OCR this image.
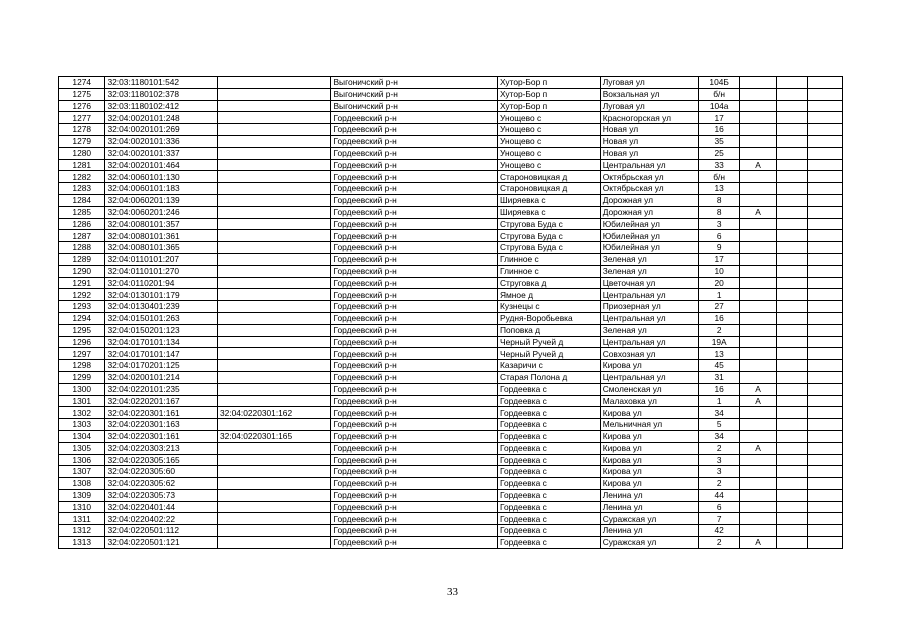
1274	32:03:1180101:542		Выгоничский р-н	Хутор-Бор п	Луговая ул	104Б			
1275	32:03:1180102:378		Выгоничский р-н	Хутор-Бор п	Вокзальная ул	б/н			
1276	32:03:1180102:412		Выгоничский р-н	Хутор-Бор п	Луговая ул	104а			
1277	32:04:0020101:248		Гордеевский р-н	Унощево с	Красногорская ул	17			
1278	32:04:0020101:269		Гордеевский р-н	Унощево с	Новая ул	16			
1279	32:04:0020101:336		Гордеевский р-н	Унощево с	Новая ул	35			
1280	32:04:0020101:337		Гордеевский р-н	Унощево с	Новая ул	25			
1281	32:04:0020101:464		Гордеевский р-н	Унощево с	Центральная ул	33	А		
1282	32:04:0060101:130		Гордеевский р-н	Староновицкая д	Октябрьская ул	б/н			
1283	32:04:0060101:183		Гордеевский р-н	Староновицкая д	Октябрьская ул	13			
1284	32:04:0060201:139		Гордеевский р-н	Ширяевка с	Дорожная ул	8			
1285	32:04:0060201:246		Гордеевский р-н	Ширяевка с	Дорожная ул	8	А		
1286	32:04:0080101:357		Гордеевский р-н	Стругова Буда с	Юбилейная ул	3			
1287	32:04:0080101:361		Гордеевский р-н	Стругова Буда с	Юбилейная ул	6			
1288	32:04:0080101:365		Гордеевский р-н	Стругова Буда с	Юбилейная ул	9			
1289	32:04:0110101:207		Гордеевский р-н	Глинное с	Зеленая ул	17			
1290	32:04:0110101:270		Гордеевский р-н	Глинное с	Зеленая ул	10			
1291	32:04:0110201:94		Гордеевский р-н	Струговка д	Цветочная ул	20			
1292	32:04:0130101:179		Гордеевский р-н	Ямное д	Центральная ул	1			
1293	32:04:0130401:239		Гордеевский р-н	Кузнецы с	Приозерная ул	27			
1294	32:04:0150101:263		Гордеевский р-н	Рудня-Воробьевка	Центральная ул	16			
1295	32:04:0150201:123		Гордеевский р-н	Поповка д	Зеленая ул	2			
1296	32:04:0170101:134		Гордеевский р-н	Черный Ручей д	Центральная ул	19А			
1297	32:04:0170101:147		Гордеевский р-н	Черный Ручей д	Совхозная ул	13			
1298	32:04:0170201:125		Гордеевский р-н	Казаричи с	Кирова ул	45			
1299	32:04:0200101:214		Гордеевский р-н	Старая Полона д	Центральная ул	31			
1300	32:04:0220101:235		Гордеевский р-н	Гордеевка с	Смоленская ул	16	А		
1301	32:04:0220201:167		Гордеевский р-н	Гордеевка с	Малаховка ул	1	А		
1302	32:04:0220301:161	32:04:0220301:162	Гордеевский р-н	Гордеевка с	Кирова ул	34			
1303	32:04:0220301:163		Гордеевский р-н	Гордеевка с	Мельничная ул	5			
1304	32:04:0220301:161	32:04:0220301:165	Гордеевский р-н	Гордеевка с	Кирова ул	34			
1305	32:04:0220303:213		Гордеевский р-н	Гордеевка с	Кирова ул	2	А		
1306	32:04:0220305:165		Гордеевский р-н	Гордеевка с	Кирова ул	3			
1307	32:04:0220305:60		Гордеевский р-н	Гордеевка с	Кирова ул	3			
1308	32:04:0220305:62		Гордеевский р-н	Гордеевка с	Кирова ул	2			
1309	32:04:0220305:73		Гордеевский р-н	Гордеевка с	Ленина ул	44			
1310	32:04:0220401:44		Гордеевский р-н	Гордеевка с	Ленина ул	6			
1311	32:04:0220402:22		Гордеевский р-н	Гордеевка с	Суражская ул	7			
1312	32:04:0220501:112		Гордеевский р-н	Гордеевка с	Ленина ул	42			
1313	32:04:0220501:121		Гордеевский р-н	Гордеевка с	Суражская ул	2	А		
33
